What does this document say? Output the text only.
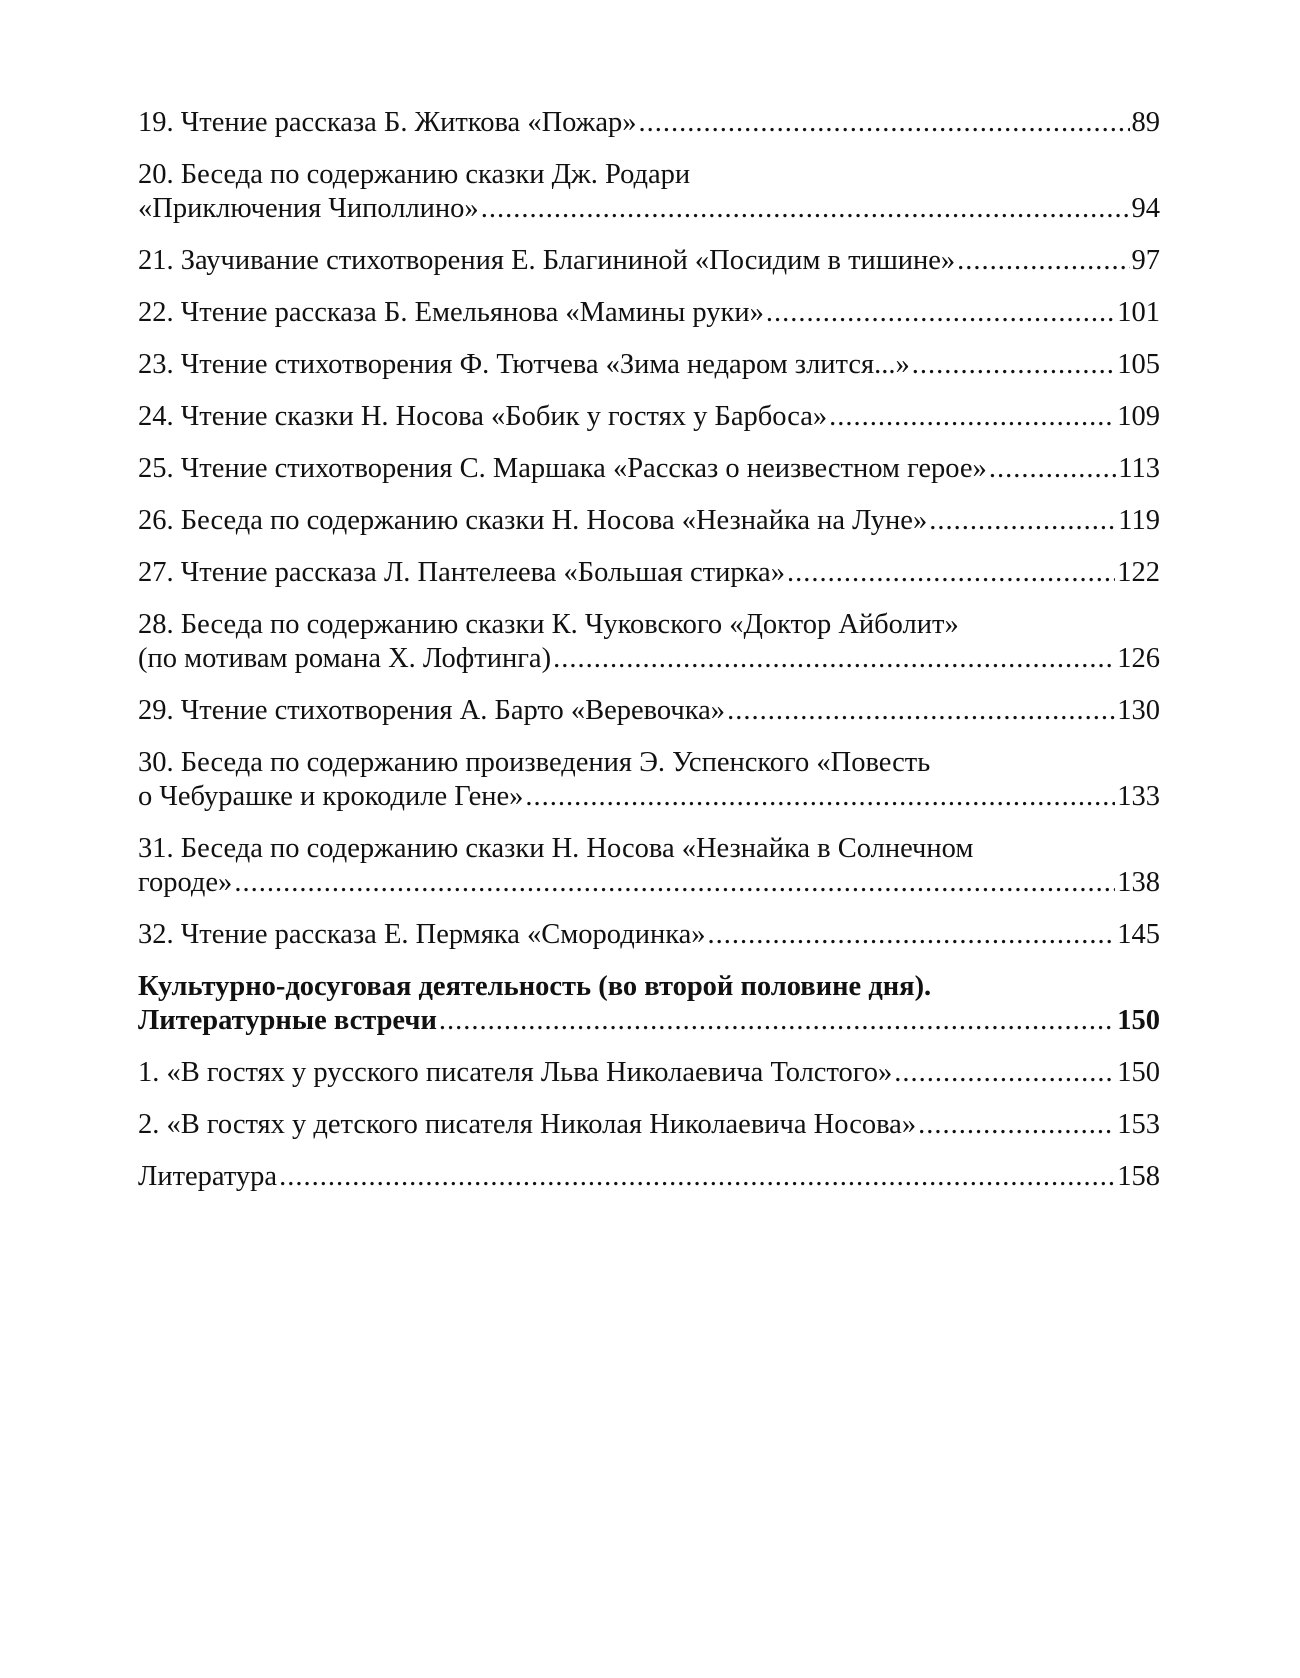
19. Чтение рассказа Б. Житкова «Пожар» .....	89
20. Беседа по содержанию сказки Дж. Родари
«Приключения Чиполлино» .....	94
21. Заучивание стихотворения Е. Благининой «Посидим в тишине» .....	97
22. Чтение рассказа Б. Емельянова «Мамины руки» .....	101
23. Чтение стихотворения Ф. Тютчева «Зима недаром злится...» .....	105
24. Чтение сказки Н. Носова «Бобик у гостях у Барбоса» .....	109
25. Чтение стихотворения С. Маршака «Рассказ о неизвестном герое» .....	113
26. Беседа по содержанию сказки Н. Носова «Незнайка на Луне» .....	119
27. Чтение рассказа Л. Пантелеева «Большая стирка» .....	122
28. Беседа по содержанию сказки К. Чуковского «Доктор Айболит»
(по мотивам романа Х. Лофтинга) .....	126
29. Чтение стихотворения А. Барто «Веревочка» .....	130
30. Беседа по содержанию произведения Э. Успенского «Повесть
о Чебурашке и крокодиле Гене» .....	133
31. Беседа по содержанию сказки Н. Носова «Незнайка в Солнечном
городе» .....	138
32. Чтение рассказа Е. Пермяка «Смородинка» .....	145
Культурно-досуговая деятельность (во второй половине дня).
Литературные встречи .....	150
1. «В гостях у русского писателя Льва Николаевича Толстого» .....	150
2. «В гостях у детского писателя Николая Николаевича Носова» .....	153
Литература .....	158
